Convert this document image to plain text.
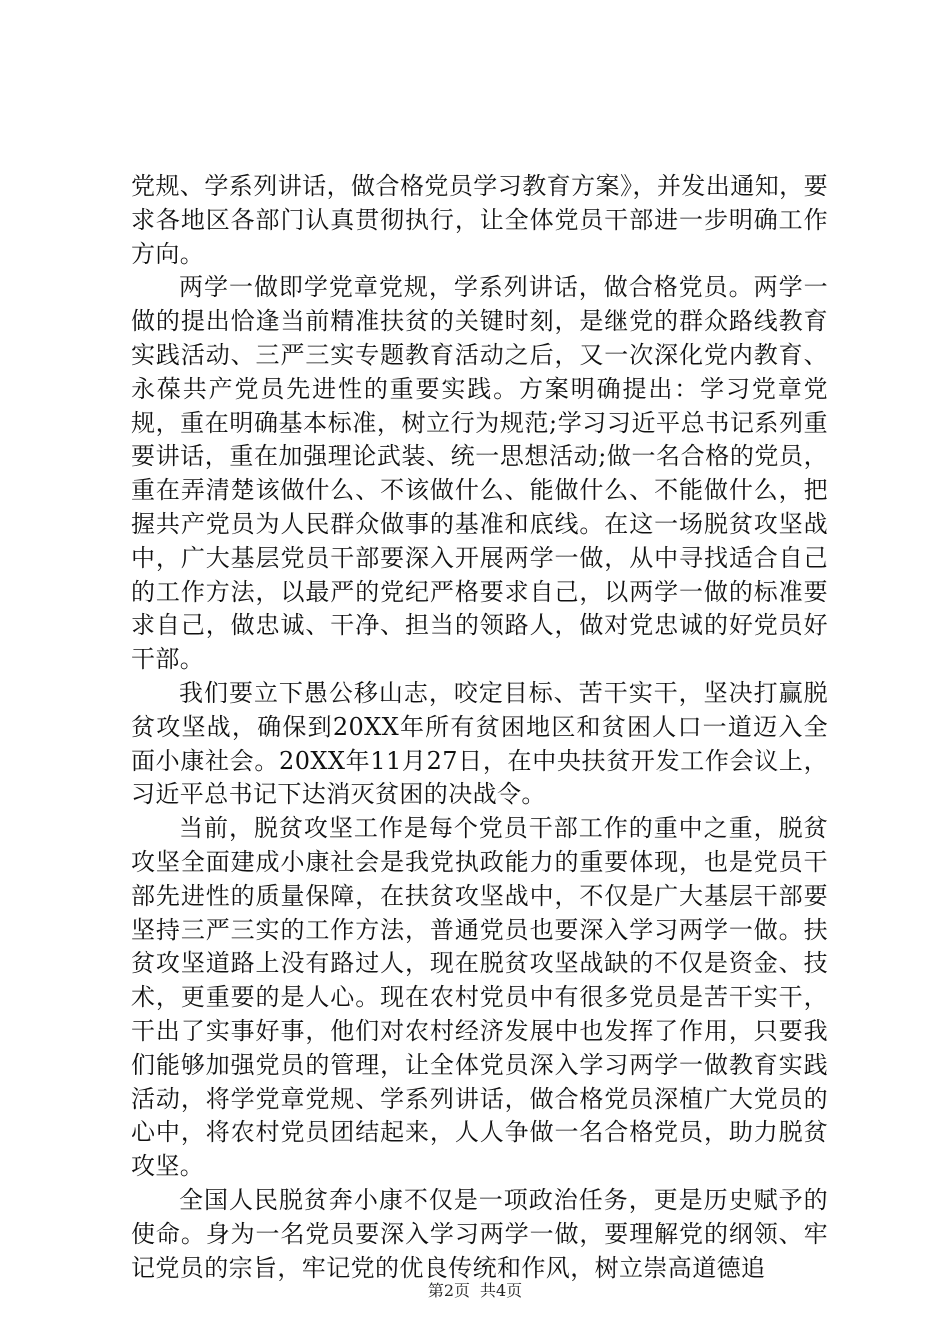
党规、学系列讲话，做合格党员学习教育方案》，并发出通知，要求各地区各部门认真贯彻执行，让全体党员干部进一步明确工作方向。

两学一做即学党章党规，学系列讲话，做合格党员。两学一做的提出恰逢当前精准扶贫的关键时刻，是继党的群众路线教育实践活动、三严三实专题教育活动之后，又一次深化党内教育、永葆共产党员先进性的重要实践。方案明确提出：学习党章党规，重在明确基本标准，树立行为规范;学习习近平总书记系列重要讲话，重在加强理论武装、统一思想活动;做一名合格的党员，重在弄清楚该做什么、不该做什么、能做什么、不能做什么，把握共产党员为人民群众做事的基准和底线。在这一场脱贫攻坚战中，广大基层党员干部要深入开展两学一做，从中寻找适合自己的工作方法，以最严的党纪严格要求自己，以两学一做的标准要求自己，做忠诚、干净、担当的领路人，做对党忠诚的好党员好干部。

我们要立下愚公移山志，咬定目标、苦干实干，坚决打赢脱贫攻坚战，确保到20XX年所有贫困地区和贫困人口一道迈入全面小康社会。20XX年11月27日，在中央扶贫开发工作会议上，习近平总书记下达消灭贫困的决战令。

当前，脱贫攻坚工作是每个党员干部工作的重中之重，脱贫攻坚全面建成小康社会是我党执政能力的重要体现，也是党员干部先进性的质量保障，在扶贫攻坚战中，不仅是广大基层干部要坚持三严三实的工作方法，普通党员也要深入学习两学一做。扶贫攻坚道路上没有路过人，现在脱贫攻坚战缺的不仅是资金、技术，更重要的是人心。现在农村党员中有很多党员是苦干实干，干出了实事好事，他们对农村经济发展中也发挥了作用，只要我们能够加强党员的管理，让全体党员深入学习两学一做教育实践活动，将学党章党规、学系列讲话，做合格党员深植广大党员的心中，将农村党员团结起来，人人争做一名合格党员，助力脱贫攻坚。

全国人民脱贫奔小康不仅是一项政治任务，更是历史赋予的使命。身为一名党员要深入学习两学一做，要理解党的纲领、牢记党员的宗旨，牢记党的优良传统和作风，树立崇高道德追

第2页 共4页
